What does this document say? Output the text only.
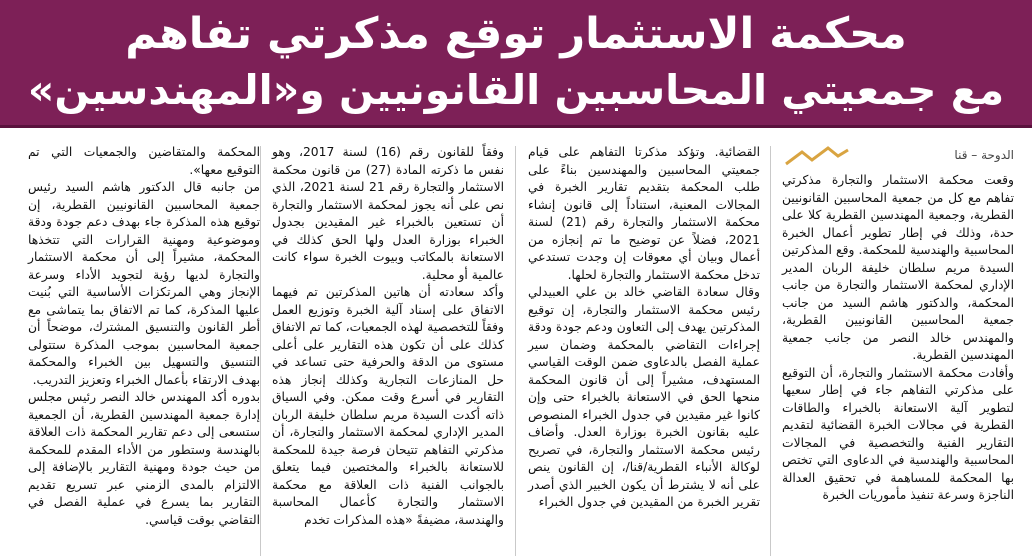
محكمة الاستثمار توقع مذكرتي تفاهم
مع جمعيتي المحاسبين القانونيين و«المهندسين»
الدوحة – قنا

وقعت محكمة الاستثمار والتجارة مذكرتي تفاهم مع كل من جمعية المحاسبين القانونيين القطرية، وجمعية المهندسين القطرية كلا على حدة، وذلك في إطار تطوير أعمال الخبرة المحاسبية والهندسية للمحكمة. وقع المذكرتين السيدة مريم سلطان خليفة الربان المدير الإداري لمحكمة الاستثمار والتجارة من جانب المحكمة، والدكتور هاشم السيد من جانب جمعية المحاسبين القانونيين القطرية، والمهندس خالد النصر من جانب جمعية المهندسين القطرية.

وأفادت محكمة الاستثمار والتجارة، أن التوقيع على مذكرتي التفاهم جاء في إطار سعيها لتطوير آلية الاستعانة بالخبراء والطاقات القطرية في مجالات الخبرة القضائية لتقديم التقارير الفنية والتخصصية في المجالات المحاسبية والهندسية في الدعاوى التي تختص بها المحكمة للمساهمة في تحقيق العدالة الناجزة وسرعة تنفيذ مأموريات الخبرة

القضائية. وتؤكد مذكرتا التفاهم على قيام جمعيتي المحاسبين والمهندسين بناءً على طلب المحكمة بتقديم تقارير الخبرة في المجالات المعنية، استناداً إلى قانون إنشاء محكمة الاستثمار والتجارة رقم (21) لسنة 2021، فضلاً عن توضيح ما تم إنجازه من أعمال وبيان أي معوقات إن وجدت تستدعي تدخل محكمة الاستثمار والتجارة لحلها.

وقال سعادة القاضي خالد بن علي العبيدلي رئيس محكمة الاستثمار والتجارة، إن توقيع المذكرتين يهدف إلى التعاون ودعم جودة ودقة إجراءات التقاضي بالمحكمة وضمان سير عملية الفصل بالدعاوى ضمن الوقت القياسي المستهدف، مشيراً إلى أن قانون المحكمة منحها الحق في الاستعانة بالخبراء حتى وإن كانوا غير مقيدين في جدول الخبراء المنصوص عليه بقانون الخبرة بوزارة العدل. وأضاف رئيس محكمة الاستثمار والتجارة، في تصريح لوكالة الأنباء القطرية/قنا/، إن القانون ينص على أنه لا يشترط أن يكون الخبير الذي أصدر تقرير الخبرة من المقيدين في جدول الخبراء

وفقاً للقانون رقم (16) لسنة 2017، وهو نفس ما ذكرته المادة (27) من قانون محكمة الاستثمار والتجارة رقم 21 لسنة 2021، الذي نص على أنه يجوز لمحكمة الاستثمار والتجارة أن تستعين بالخبراء غير المقيدين بجدول الخبراء بوزارة العدل ولها الحق كذلك في الاستعانة بالمكاتب وبيوت الخبرة سواء كانت عالمية أو محلية.

وأكد سعادته أن هاتين المذكرتين تم فيهما الاتفاق على إسناد آلية الخبرة وتوزيع العمل وفقاً للتخصصية لهذه الجمعيات، كما تم الاتفاق كذلك على أن تكون هذه التقارير على أعلى مستوى من الدقة والحرفية حتى تساعد في حل المنازعات التجارية وكذلك إنجاز هذه التقارير في أسرع وقت ممكن. وفي السياق ذاته أكدت السيدة مريم سلطان خليفة الربان المدير الإداري لمحكمة الاستثمار والتجارة، أن مذكرتي التفاهم تتيحان فرصة جيدة للمحكمة للاستعانة بالخبراء والمختصين فيما يتعلق بالجوانب الفنية ذات العلاقة مع محكمة الاستثمار والتجارة كأعمال المحاسبة والهندسة، مضيفةً «هذه المذكرات تخدم

المحكمة والمتقاضين والجمعيات التي تم التوقيع معها».

من جانبه قال الدكتور هاشم السيد رئيس جمعية المحاسبين القانونيين القطرية، إن توقيع هذه المذكرة جاء بهدف دعم جودة ودقة وموضوعية ومهنية القرارات التي تتخذها المحكمة، مشيراً إلى أن محكمة الاستثمار والتجارة لديها رؤية لتجويد الأداء وسرعة الإنجاز وهي المرتكزات الأساسية التي بُنيت عليها المذكرة، كما تم الاتفاق بما يتماشى مع أطر القانون والتنسيق المشترك، موضحاً أن جمعية المحاسبين بموجب المذكرة ستتولى التنسيق والتسهيل بين الخبراء والمحكمة بهدف الارتقاء بأعمال الخبراء وتعزيز التدريب.

بدوره أكد المهندس خالد النصر رئيس مجلس إدارة جمعية المهندسين القطرية، أن الجمعية ستسعى إلى دعم تقارير المحكمة ذات العلاقة بالهندسة وستطور من الأداء المقدم للمحكمة من حيث جودة ومهنية التقارير بالإضافة إلى الالتزام بالمدى الزمني عبر تسريع تقديم التقارير بما يسرع في عملية الفصل في التقاضي بوقت قياسي.
